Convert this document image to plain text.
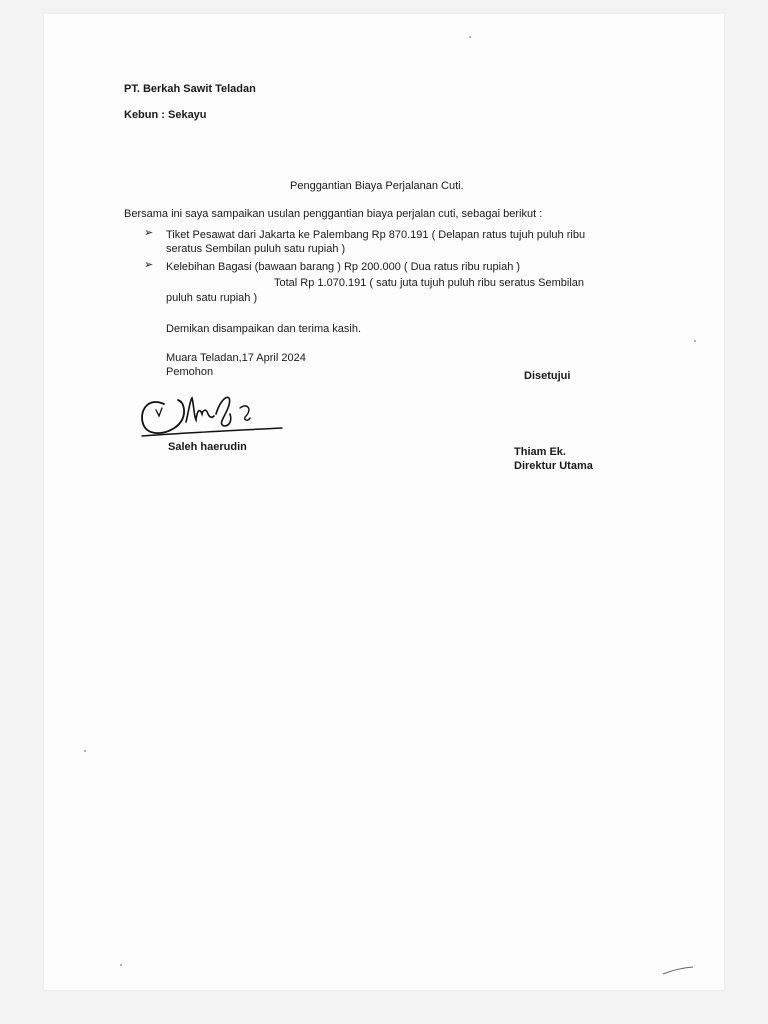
PT. Berkah Sawit Teladan
Kebun : Sekayu
Penggantian Biaya Perjalanan Cuti.
Bersama ini saya sampaikan usulan penggantian biaya perjalan cuti, sebagai berikut :
➢ Tiket Pesawat dari Jakarta ke Palembang Rp 870.191 ( Delapan ratus tujuh puluh ribu
seratus Sembilan puluh satu rupiah )
➢ Kelebihan Bagasi (bawaan barang ) Rp 200.000 ( Dua ratus ribu rupiah )
Total Rp 1.070.191 ( satu juta tujuh puluh ribu seratus Sembilan
puluh satu rupiah )
Demikan disampaikan dan terima kasih.
Muara Teladan,17 April 2024
Pemohon	Disetujui
Saleh haerudin	Thiam Ek.
Direktur Utama
